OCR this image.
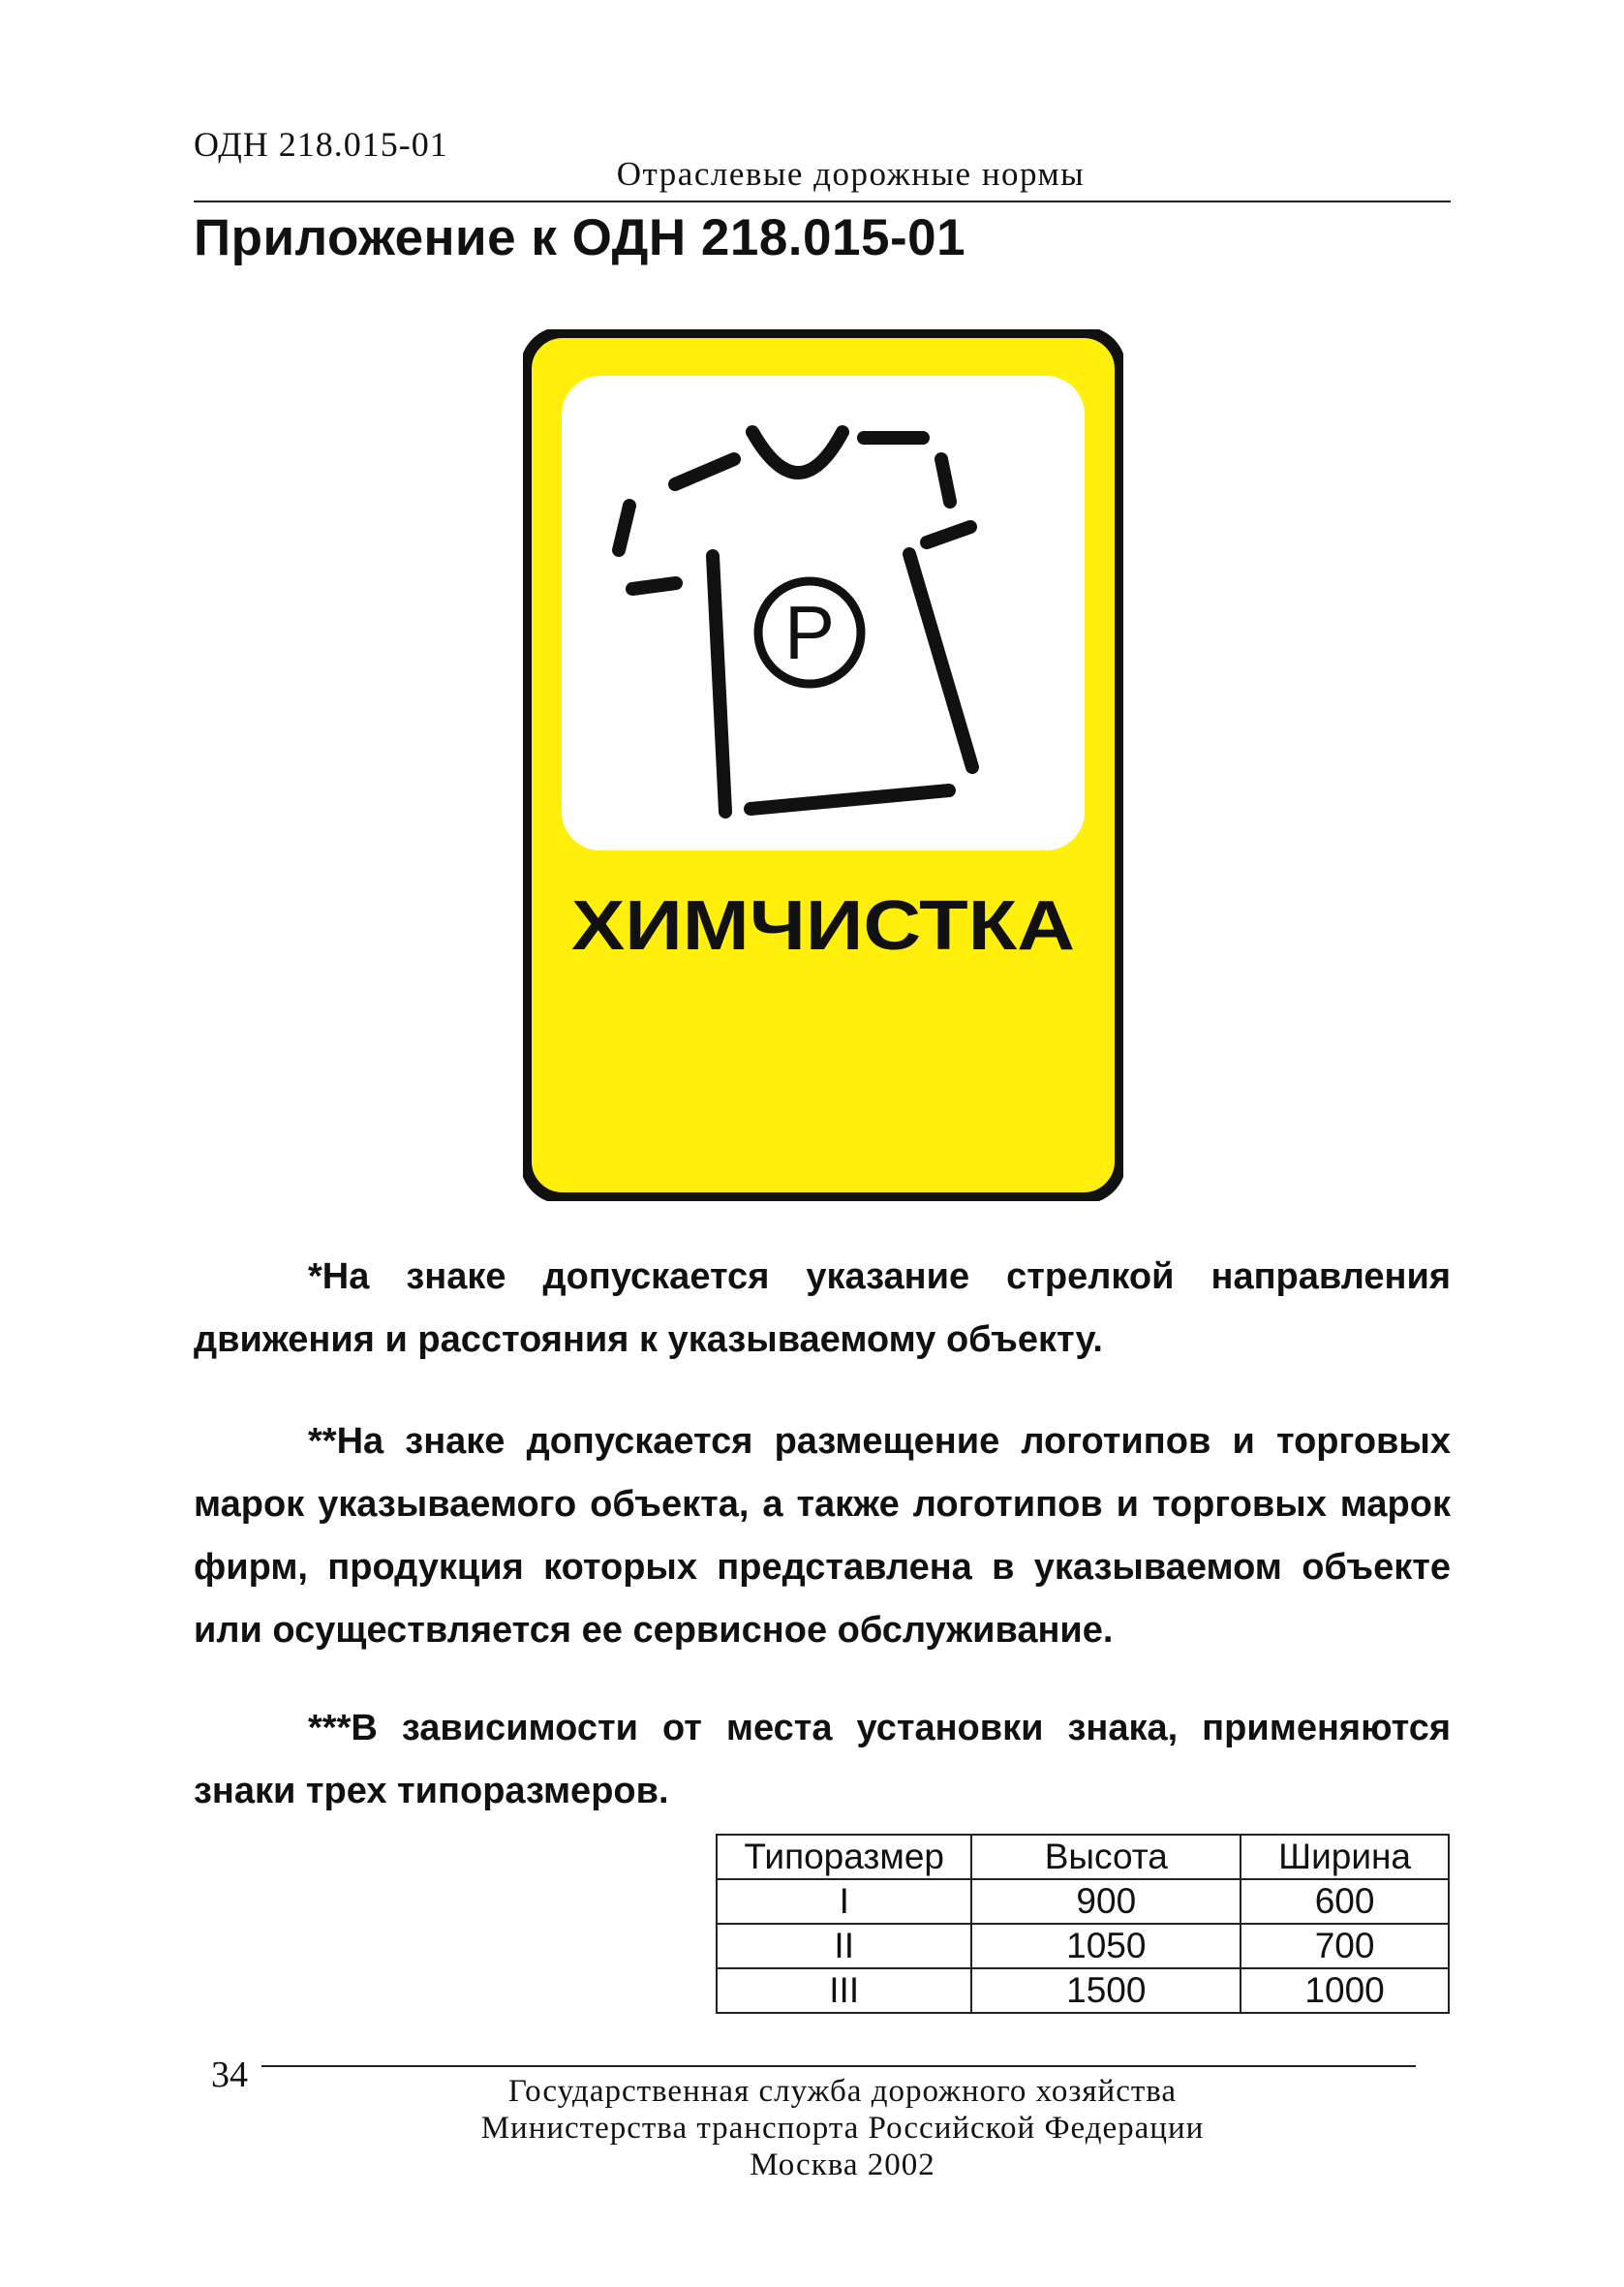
ОДН 218.015-01
Отраслевые дорожные нормы
Приложение к ОДН 218.015-01
P
ХИМЧИСТКА

*На знаке допускается указание стрелкой направления движения и расстояния к указываемому объекту.

**На знаке допускается размещение логотипов и торговых марок указываемого объекта, а также логотипов и торговых марок фирм, продукция которых представлена в указываемом объекте или осуществляется ее сервисное обслуживание.

***В зависимости от места установки знака, применяются знаки трех типоразмеров.

Типоразмер	Высота	Ширина
I	900	600
II	1050	700
III	1500	1000
34	Государственная служба дорожного хозяйства
Министерства транспорта Российской Федерации
Москва 2002
